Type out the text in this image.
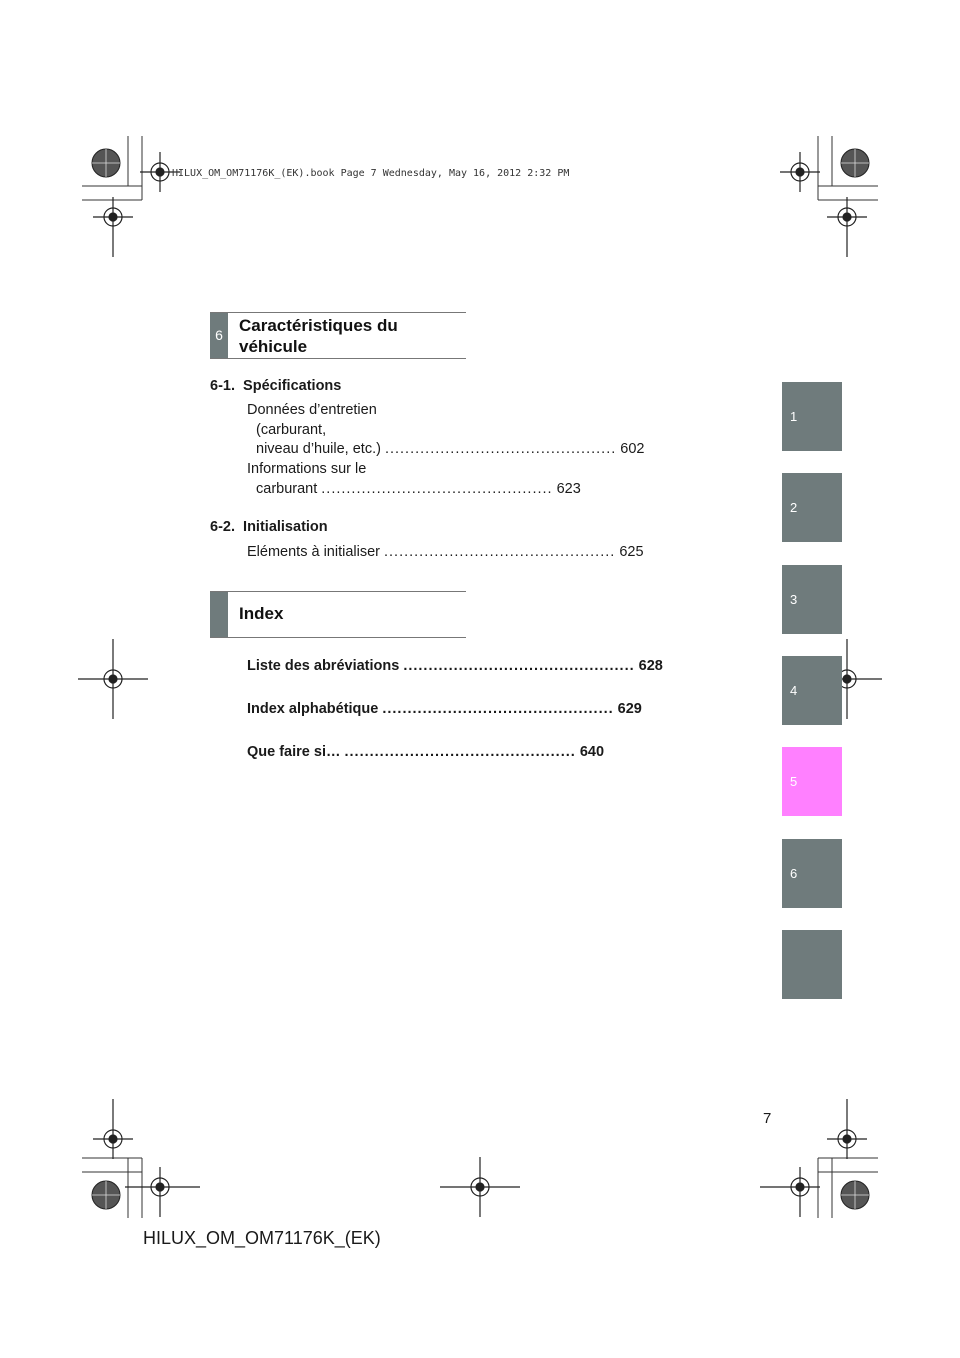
HILUX_OM_OM71176K_(EK).book Page 7 Wednesday, May 16, 2012 2:32 PM
6 Caractéristiques du
véhicule
6-1.  Spécifications
Données d’entretien
(carburant,
niveau d’huile, etc.) .............................................. 602
Informations sur le
carburant .............................................. 623
6-2.  Initialisation
Eléments à initialiser .............................................. 625
Index
Liste des abréviations .............................................. 628
Index alphabétique .............................................. 629
Que faire si… .............................................. 640
1
2
3
4
5
6
7
HILUX_OM_OM71176K_(EK)
